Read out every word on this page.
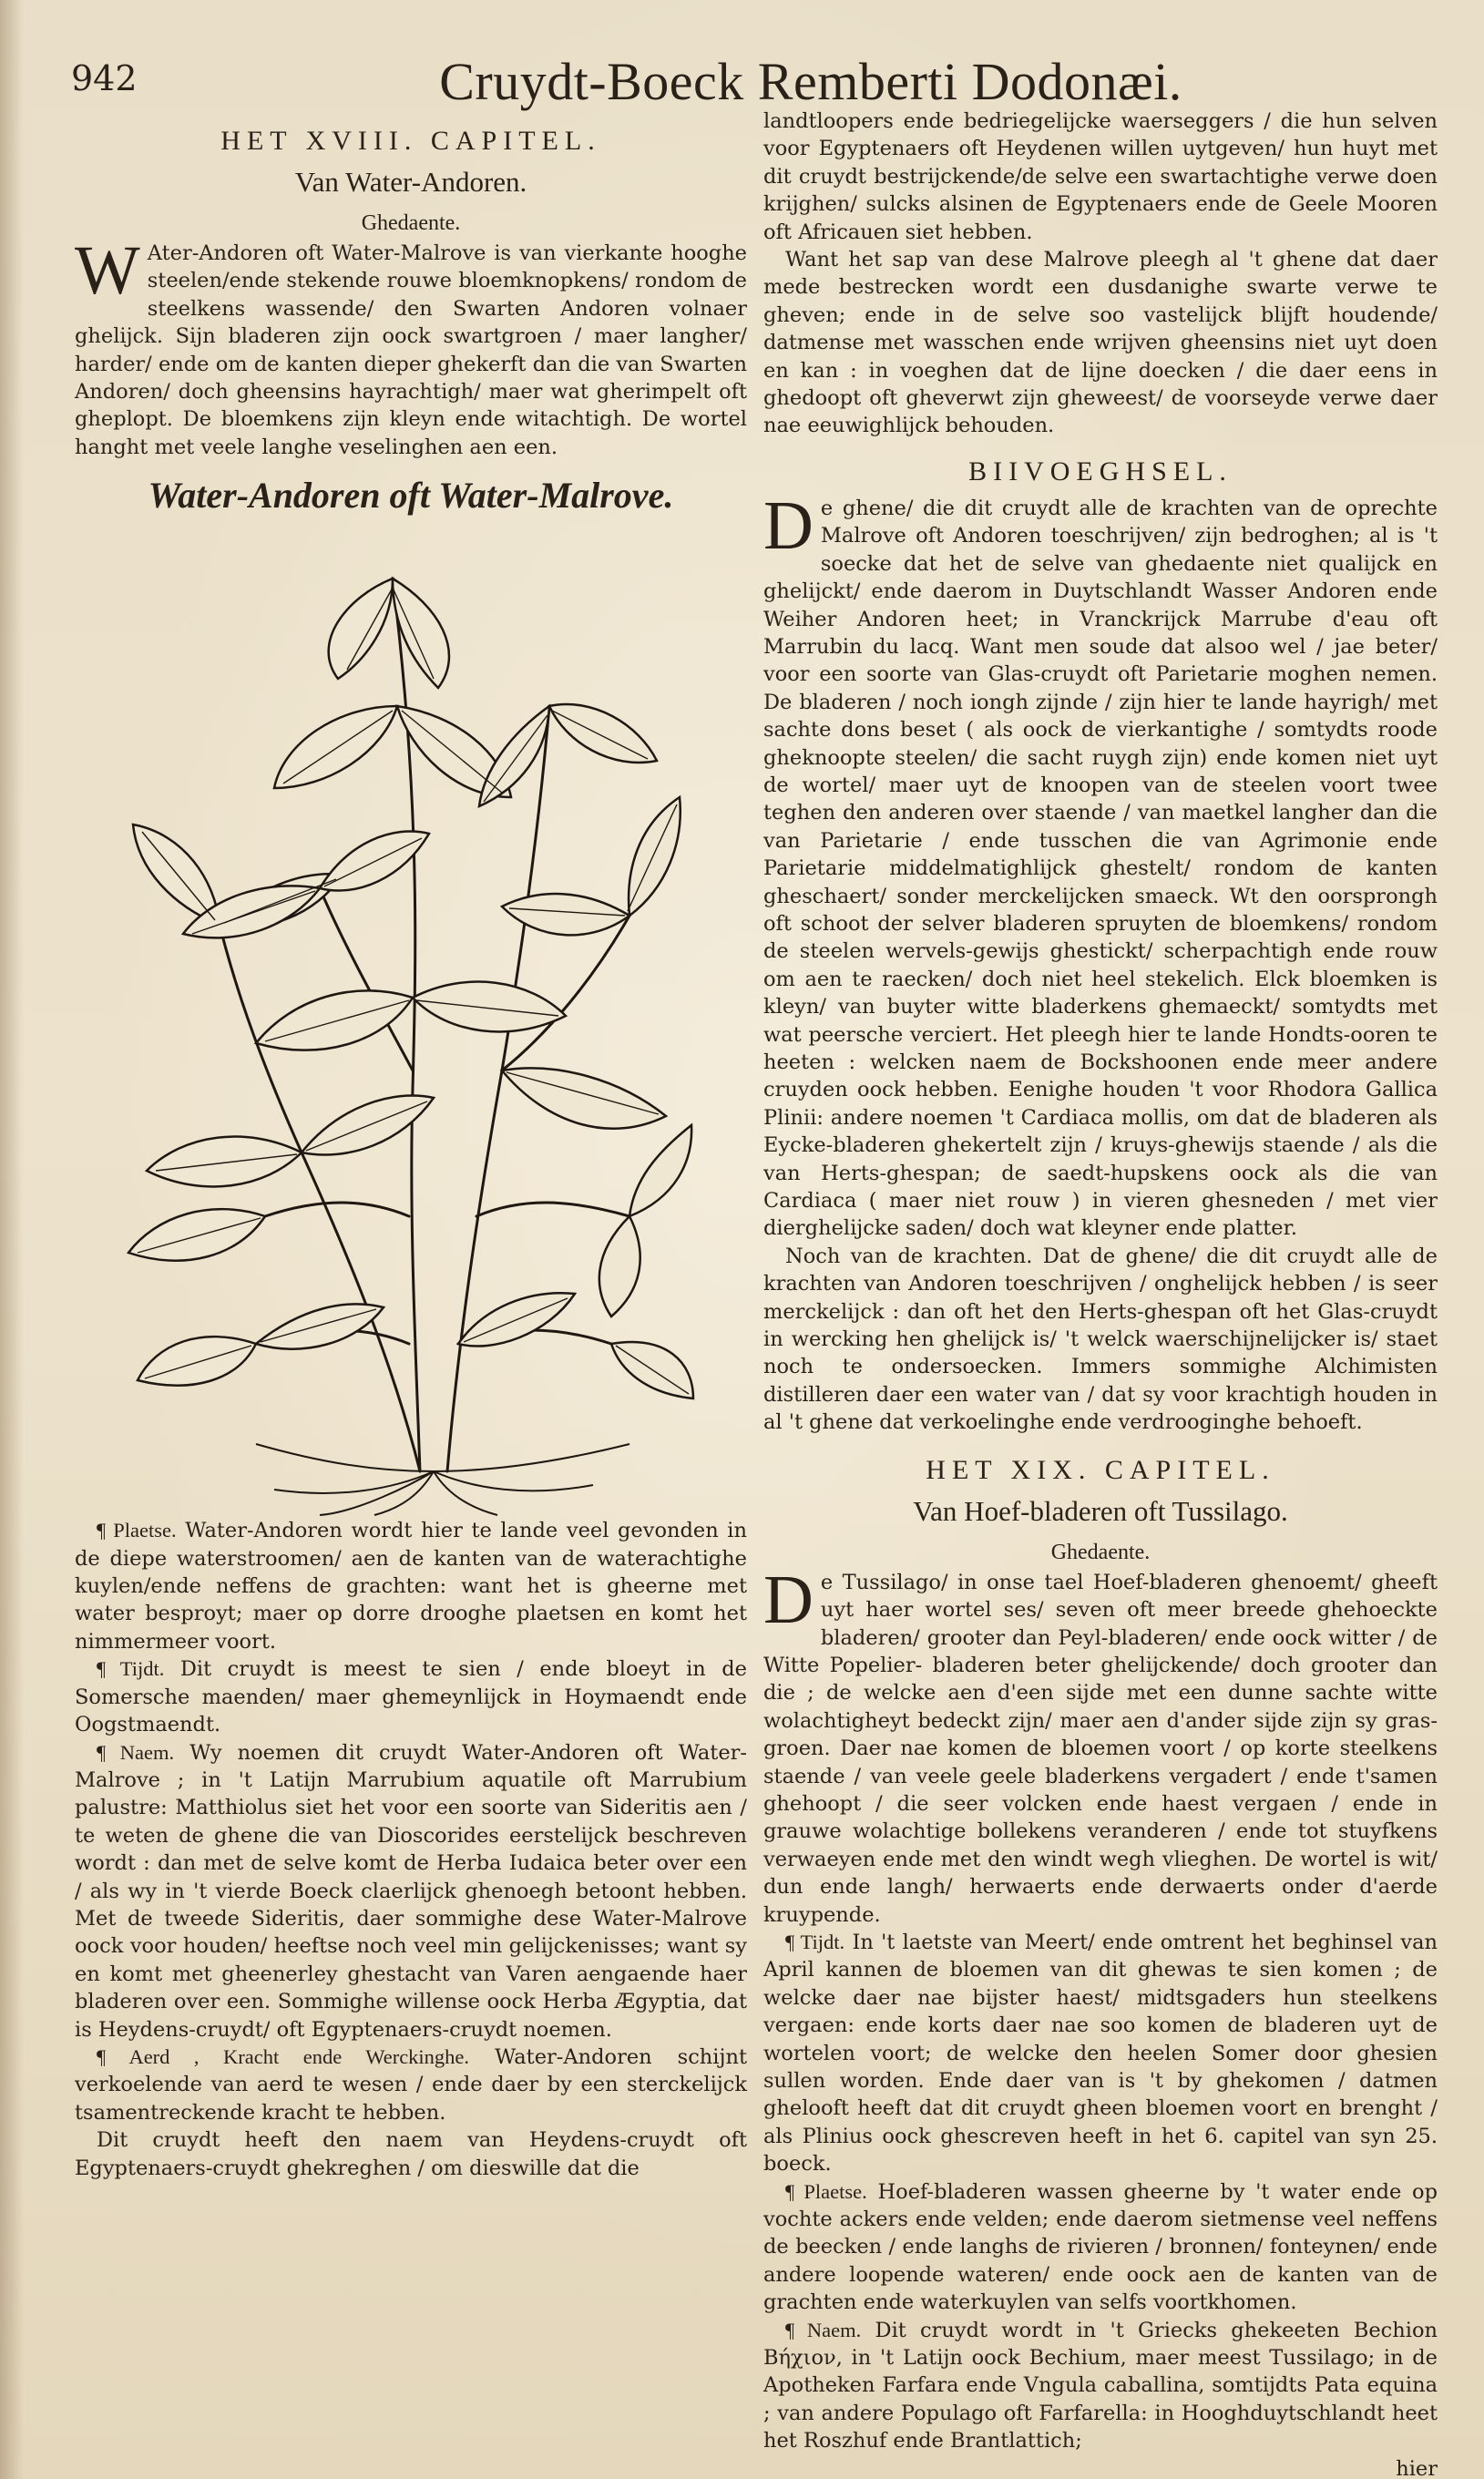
942	Cruydt-Boeck Remberti Dodonæi.

HET XVIII. CAPITEL.

Van Water-Andoren.

Ghedaente.

WAter-Andoren oft Water-Malrove is van vierkante hooghe steelen/ende stekende rouwe bloemknopkens/ rondom de steelkens wassende/ den Swarten Andoren volnaer ghelijck. Sijn bladeren zijn oock swartgroen / maer langher/ harder/ ende om de kanten dieper ghekerft dan die van Swarten Andoren/ doch gheensins hayrachtigh/ maer wat gherimpelt oft gheplopt. De bloemkens zijn kleyn ende witachtigh. De wortel hanght met veele langhe veselinghen aen een.

Water-Andoren oft Water-Malrove.

¶ Plaetse. Water-Andoren wordt hier te lande veel gevonden in de diepe waterstroomen/ aen de kanten van de waterachtighe kuylen/ende neffens de grachten: want het is gheerne met water besproyt; maer op dorre drooghe plaetsen en komt het nimmermeer voort.

¶ Tijdt. Dit cruydt is meest te sien / ende bloeyt in de Somersche maenden/ maer ghemeynlijck in Hoymaendt ende Oogstmaendt.

¶ Naem. Wy noemen dit cruydt Water-Andoren oft Water-Malrove ; in 't Latijn Marrubium aquatile oft Marrubium palustre: Matthiolus siet het voor een soorte van Sideritis aen / te weten de ghene die van Dioscorides eerstelijck beschreven wordt : dan met de selve komt de Herba Iudaica beter over een / als wy in 't vierde Boeck claerlijck ghenoegh betoont hebben. Met de tweede Sideritis, daer sommighe dese Water-Malrove oock voor houden/ heeftse noch veel min gelijckenisses; want sy en komt met gheenerley ghestacht van Varen aengaende haer bladeren over een. Sommighe willense oock Herba Ægyptia, dat is Heydens-cruydt/ oft Egyptenaers-cruydt noemen.

¶ Aerd , Kracht ende Werckinghe. Water-Andoren schijnt verkoelende van aerd te wesen / ende daer by een sterckelijck tsamentreckende kracht te hebben.

Dit cruydt heeft den naem van Heydens-cruydt oft Egyptenaers-cruydt ghekreghen / om dieswille dat die

landtloopers ende bedriegelijcke waerseggers / die hun selven voor Egyptenaers oft Heydenen willen uytgeven/ hun huyt met dit cruydt bestrijckende/de selve een swartachtighe verwe doen krijghen/ sulcks alsinen de Egyptenaers ende de Geele Mooren oft Africauen siet hebben.

Want het sap van dese Malrove pleegh al 't ghene dat daer mede bestrecken wordt een dusdanighe swarte verwe te gheven; ende in de selve soo vastelijck blijft houdende/ datmense met wasschen ende wrijven gheensins niet uyt doen en kan : in voeghen dat de lijne doecken / die daer eens in ghedoopt oft gheverwt zijn gheweest/ de voorseyde verwe daer nae eeuwighlijck behouden.

BIIVOEGHSEL.

De ghene/ die dit cruydt alle de krachten van de oprechte Malrove oft Andoren toeschrijven/ zijn bedroghen; al is 't soecke dat het de selve van ghedaente niet qualijck en ghelijckt/ ende daerom in Duytschlandt Wasser Andoren ende Weiher Andoren heet; in Vranckrijck Marrube d'eau oft Marrubin du lacq. Want men soude dat alsoo wel / jae beter/ voor een soorte van Glas-cruydt oft Parietarie moghen nemen. De bladeren / noch iongh zijnde / zijn hier te lande hayrigh/ met sachte dons beset ( als oock de vierkantighe / somtydts roode gheknoopte steelen/ die sacht ruygh zijn) ende komen niet uyt de wortel/ maer uyt de knoopen van de steelen voort twee teghen den anderen over staende / van maetkel langher dan die van Parietarie / ende tusschen die van Agrimonie ende Parietarie middelmatighlijck ghestelt/ rondom de kanten gheschaert/ sonder merckelijcken smaeck. Wt den oorsprongh oft schoot der selver bladeren spruyten de bloemkens/ rondom de steelen wervels-gewijs ghestickt/ scherpachtigh ende rouw om aen te raecken/ doch niet heel stekelich. Elck bloemken is kleyn/ van buyter witte bladerkens ghemaeckt/ somtydts met wat peersche verciert. Het pleegh hier te lande Hondts-ooren te heeten : welcken naem de Bockshoonen ende meer andere cruyden oock hebben. Eenighe houden 't voor Rhodora Gallica Plinii: andere noemen 't Cardiaca mollis, om dat de bladeren als Eycke-bladeren ghekertelt zijn / kruys-ghewijs staende / als die van Herts-ghespan; de saedt-hupskens oock als die van Cardiaca ( maer niet rouw ) in vieren ghesneden / met vier dierghelijcke saden/ doch wat kleyner ende platter.

Noch van de krachten. Dat de ghene/ die dit cruydt alle de krachten van Andoren toeschrijven / onghelijck hebben / is seer merckelijck : dan oft het den Herts-ghespan oft het Glas-cruydt in wercking hen ghelijck is/ 't welck waerschijnelijcker is/ staet noch te ondersoecken. Immers sommighe Alchimisten distilleren daer een water van / dat sy voor krachtigh houden in al 't ghene dat verkoelinghe ende verdrooginghe behoeft.

HET XIX. CAPITEL.

Van Hoef-bladeren oft Tussilago.

Ghedaente.

De Tussilago/ in onse tael Hoef-bladeren ghenoemt/ gheeft uyt haer wortel ses/ seven oft meer breede ghehoeckte bladeren/ grooter dan Peyl-bladeren/ ende oock witter / de Witte Popelier- bladeren beter ghelijckende/ doch grooter dan die ; de welcke aen d'een sijde met een dunne sachte witte wolachtigheyt bedeckt zijn/ maer aen d'ander sijde zijn sy gras-groen. Daer nae komen de bloemen voort / op korte steelkens staende / van veele geele bladerkens vergadert / ende t'samen ghehoopt / die seer volcken ende haest vergaen / ende in grauwe wolachtige bollekens veranderen / ende tot stuyfkens verwaeyen ende met den windt wegh vlieghen. De wortel is wit/ dun ende langh/ herwaerts ende derwaerts onder d'aerde kruypende.

¶ Tijdt. In 't laetste van Meert/ ende omtrent het beghinsel van April kannen de bloemen van dit ghewas te sien komen ; de welcke daer nae bijster haest/ midtsgaders hun steelkens vergaen: ende korts daer nae soo komen de bladeren uyt de wortelen voort; de welcke den heelen Somer door ghesien sullen worden. Ende daer van is 't by ghekomen / datmen ghelooft heeft dat dit cruydt gheen bloemen voort en brenght / als Plinius oock ghescreven heeft in het 6. capitel van syn 25. boeck.

¶ Plaetse. Hoef-bladeren wassen gheerne by 't water ende op vochte ackers ende velden; ende daerom sietmense veel neffens de beecken / ende langhs de rivieren / bronnen/ fonteynen/ ende andere loopende wateren/ ende oock aen de kanten van de grachten ende waterkuylen van selfs voortkhomen.

¶ Naem. Dit cruydt wordt in 't Griecks ghekeeten Bechion Βήχιον, in 't Latijn oock Bechium, maer meest Tussilago; in de Apotheken Farfara ende Vngula caballina, somtijdts Pata equina ; van andere Populago oft Farfarella: in Hooghduytschlandt heet het Roszhuf ende Brantlattich;

hier
